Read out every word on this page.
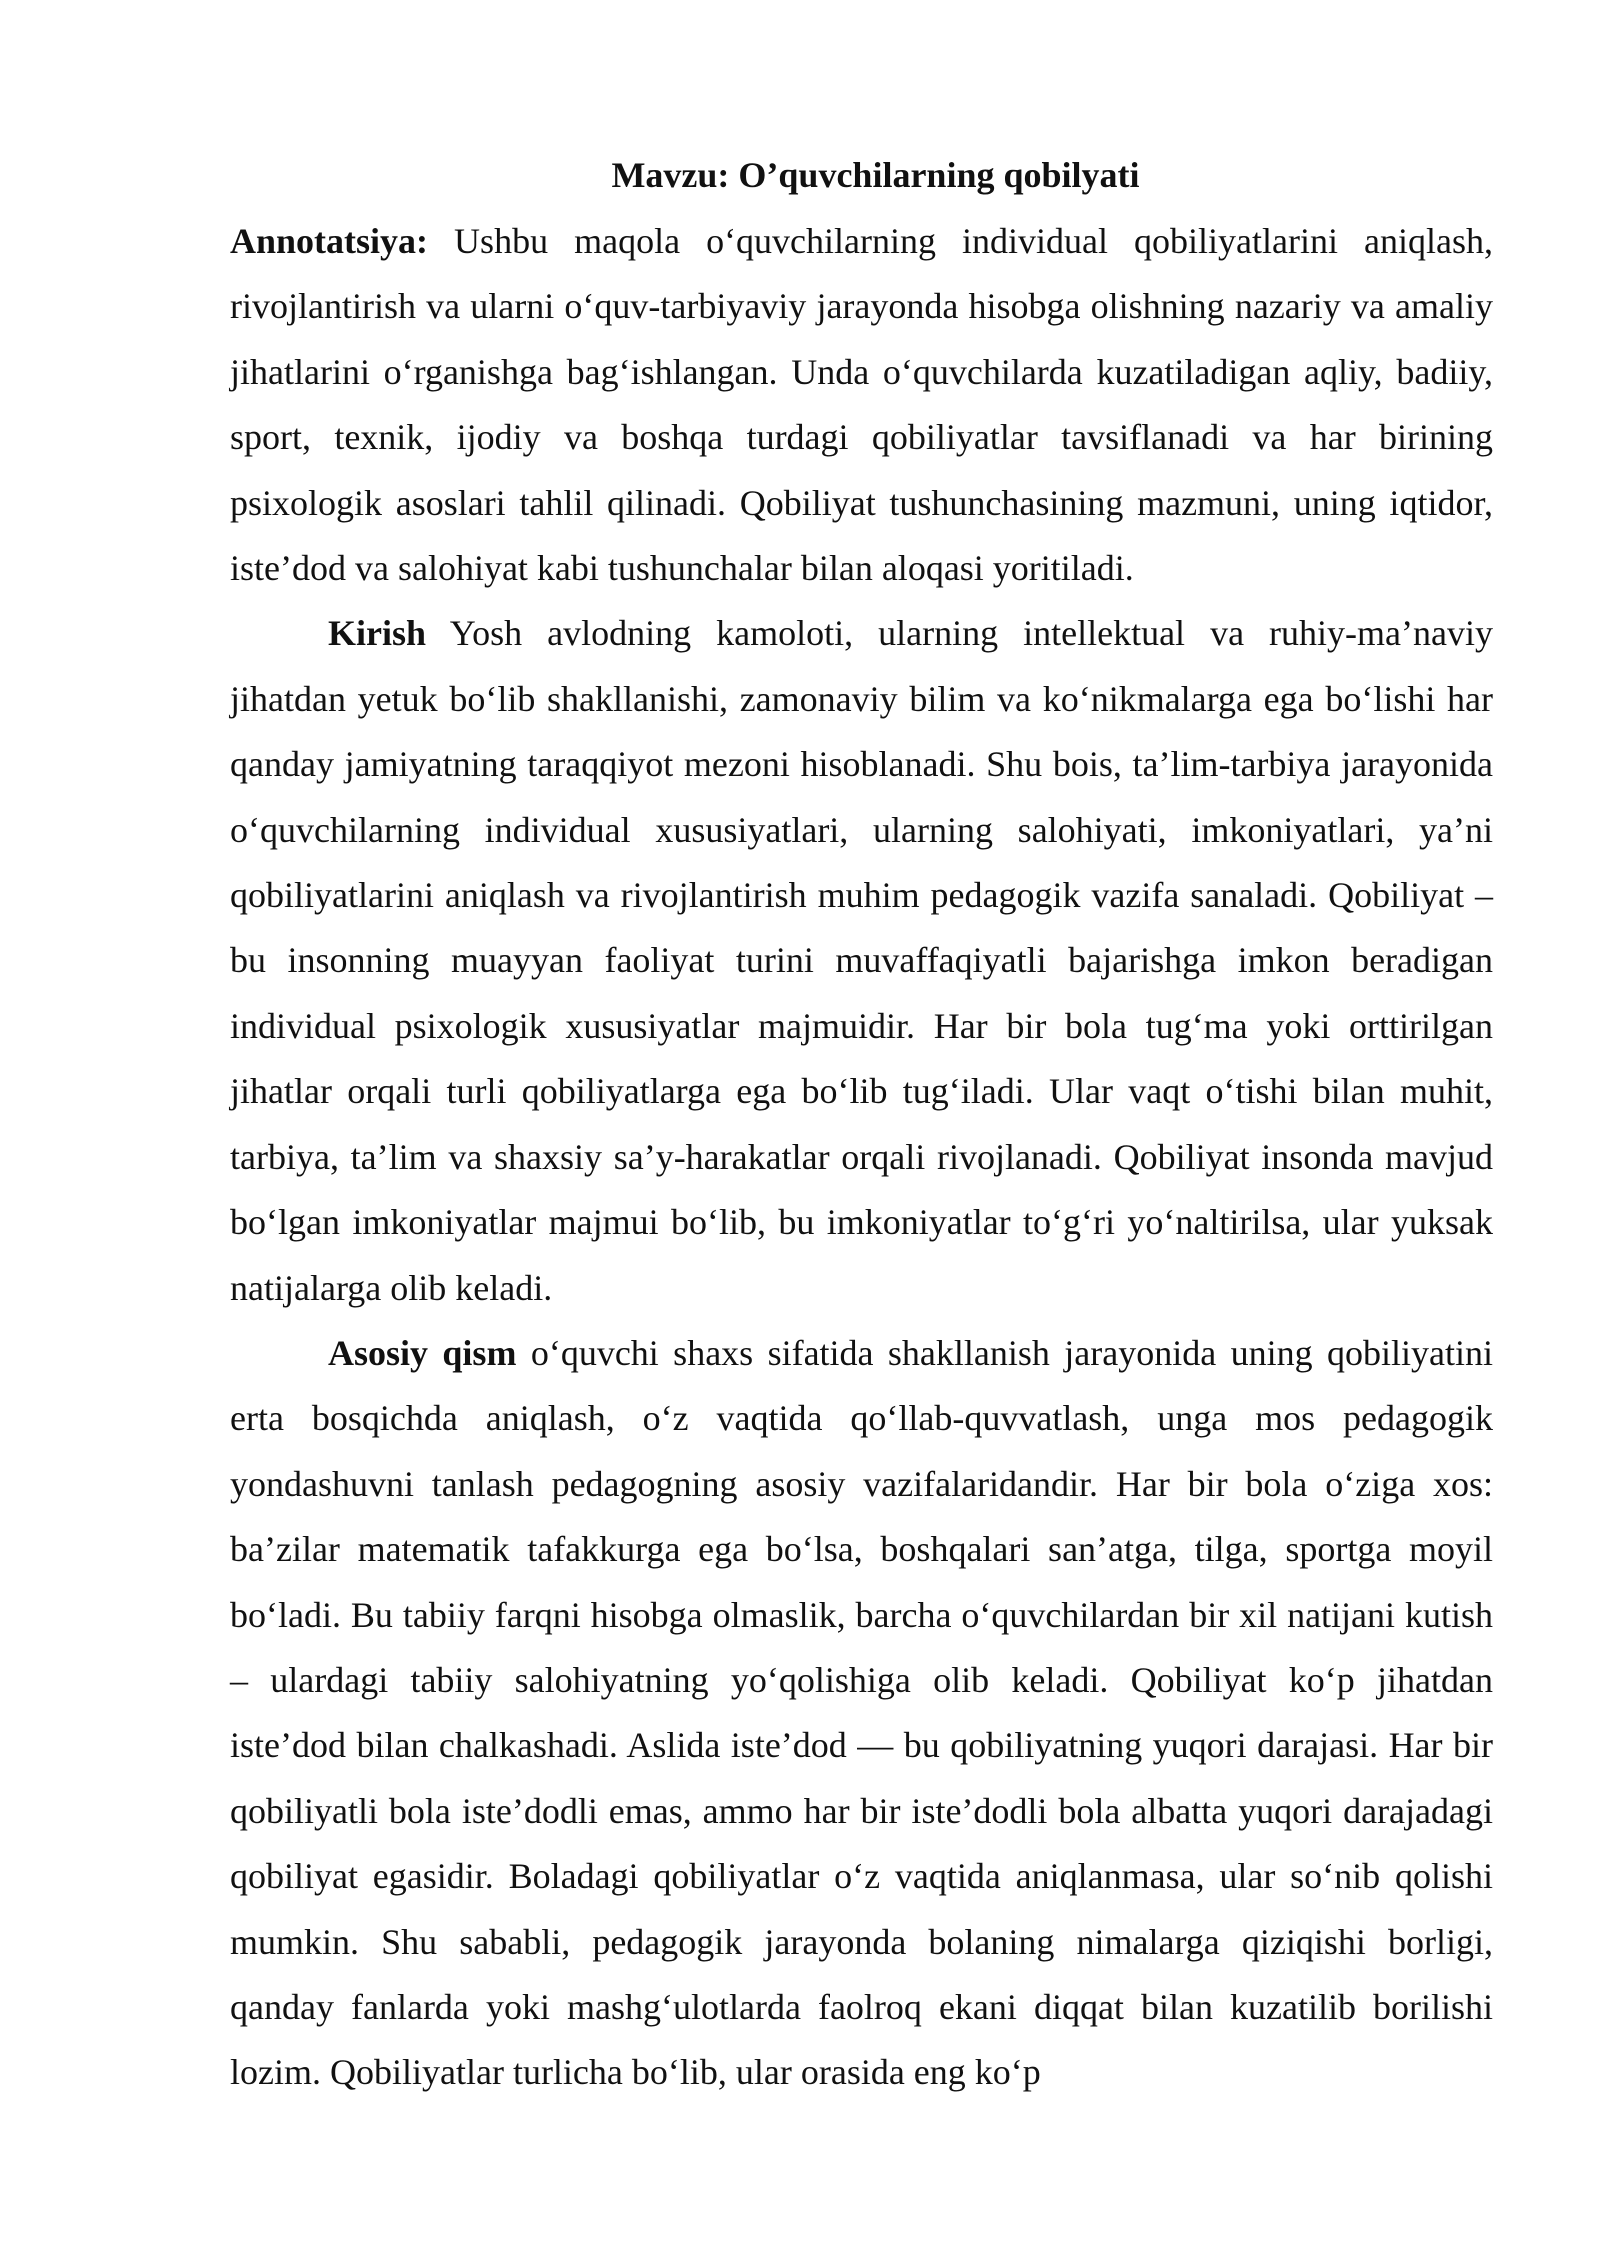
Mavzu: O’quvchilarning qobilyati

Annotatsiya: Ushbu maqola o‘quvchilarning individual qobiliyatlarini aniqlash, rivojlantirish va ularni o‘quv-tarbiyaviy jarayonda hisobga olishning nazariy va amaliy jihatlarini o‘rganishga bag‘ishlangan. Unda o‘quvchilarda kuzatiladigan aqliy, badiiy, sport, texnik, ijodiy va boshqa turdagi qobiliyatlar tavsiflanadi va har birining psixologik asoslari tahlil qilinadi. Qobiliyat tushunchasining mazmuni, uning iqtidor, iste’dod va salohiyat kabi tushunchalar bilan aloqasi yoritiladi.

Kirish Yosh avlodning kamoloti, ularning intellektual va ruhiy-ma’naviy jihatdan yetuk bo‘lib shakllanishi, zamonaviy bilim va ko‘nikmalarga ega bo‘lishi har qanday jamiyatning taraqqiyot mezoni hisoblanadi. Shu bois, ta’lim-tarbiya jarayonida o‘quvchilarning individual xususiyatlari, ularning salohiyati, imkoniyatlari, ya’ni qobiliyatlarini aniqlash va rivojlantirish muhim pedagogik vazifa sanaladi. Qobiliyat – bu insonning muayyan faoliyat turini muvaffaqiyatli bajarishga imkon beradigan individual psixologik xususiyatlar majmuidir. Har bir bola tug‘ma yoki orttirilgan jihatlar orqali turli qobiliyatlarga ega bo‘lib tug‘iladi. Ular vaqt o‘tishi bilan muhit, tarbiya, ta’lim va shaxsiy sa’y-harakatlar orqali rivojlanadi. Qobiliyat insonda mavjud bo‘lgan imkoniyatlar majmui bo‘lib, bu imkoniyatlar to‘g‘ri yo‘naltirilsa, ular yuksak natijalarga olib keladi.

Asosiy qism o‘quvchi shaxs sifatida shakllanish jarayonida uning qobiliyatini erta bosqichda aniqlash, o‘z vaqtida qo‘llab-quvvatlash, unga mos pedagogik yondashuvni tanlash pedagogning asosiy vazifalaridandir. Har bir bola o‘ziga xos: ba’zilar matematik tafakkurga ega bo‘lsa, boshqalari san’atga, tilga, sportga moyil bo‘ladi. Bu tabiiy farqni hisobga olmaslik, barcha o‘quvchilardan bir xil natijani kutish – ulardagi tabiiy salohiyatning yo‘qolishiga olib keladi. Qobiliyat ko‘p jihatdan iste’dod bilan chalkashadi. Aslida iste’dod — bu qobiliyatning yuqori darajasi. Har bir qobiliyatli bola iste’dodli emas, ammo har bir iste’dodli bola albatta yuqori darajadagi qobiliyat egasidir. Boladagi qobiliyatlar o‘z vaqtida aniqlanmasa, ular so‘nib qolishi mumkin. Shu sababli, pedagogik jarayonda bolaning nimalarga qiziqishi borligi, qanday fanlarda yoki mashg‘ulotlarda faolroq ekani diqqat bilan kuzatilib borilishi lozim. Qobiliyatlar turlicha bo‘lib, ular orasida eng ko‘p
